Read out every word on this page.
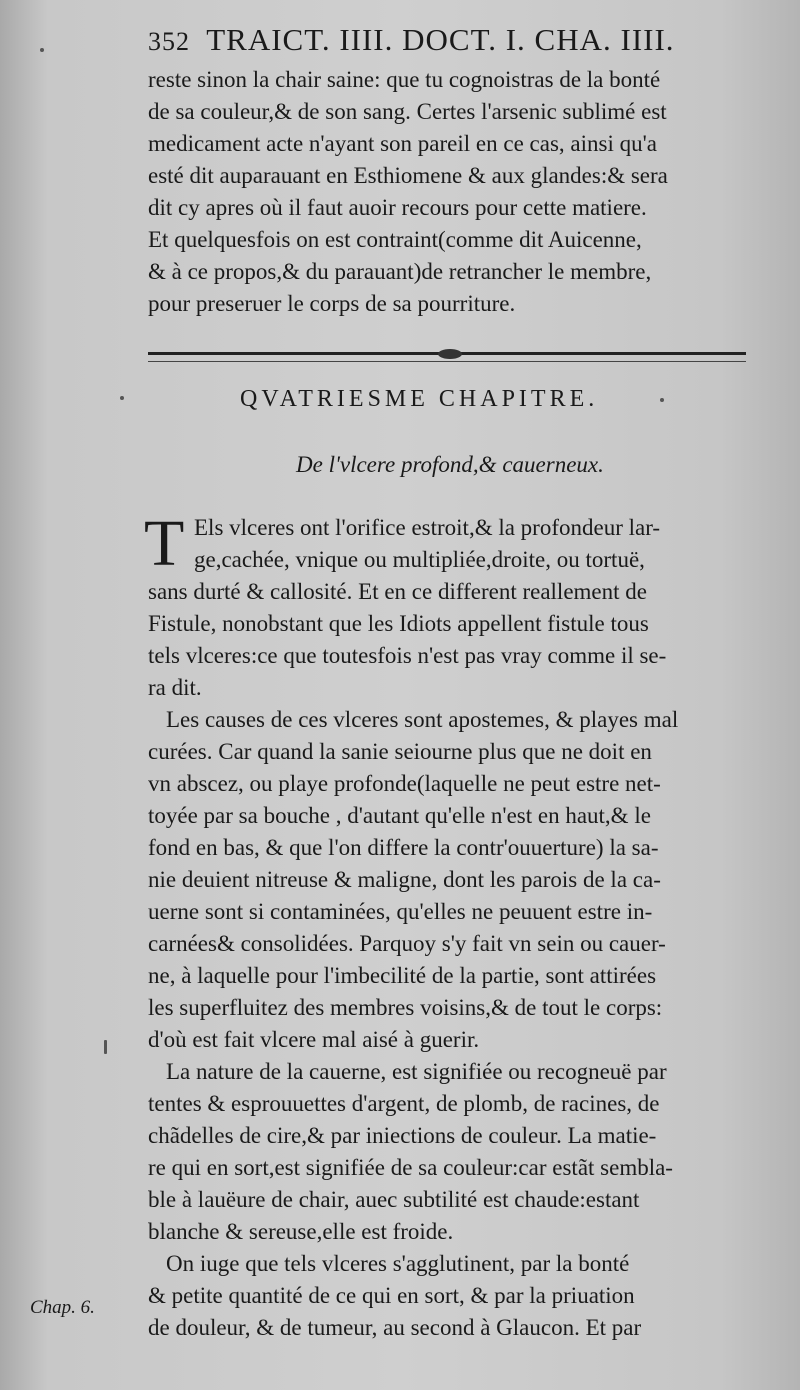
352 TRAICT. IIII. DOCT. I. CHA. IIII.
reste sinon la chair saine: que tu cognoistras de la bonté
de sa couleur,& de son sang. Certes l'arsenic sublimé est
medicament acte n'ayant son pareil en ce cas, ainsi qu'a
esté dit auparauant en Esthiomene & aux glandes:& sera
dit cy apres où il faut auoir recours pour cette matiere.
Et quelquesfois on est contraint(comme dit Auicenne,
& à ce propos,& du parauant)de retrancher le membre,
pour preseruer le corps de sa pourriture.
QVATRIESME CHAPITRE.
De l'vlcere profond,& cauerneux.
T Els vlceres ont l'orifice estroit,& la profondeur lar-
ge,cachée, vnique ou multipliée,droite, ou tortuë,
sans durté & callosité. Et en ce different reallement de
Fistule, nonobstant que les Idiots appellent fistule tous
tels vlceres:ce que toutesfois n'est pas vray comme il se-
ra dit.
Les causes de ces vlceres sont apostemes, & playes mal
curées. Car quand la sanie seiourne plus que ne doit en
vn abscez, ou playe profonde(laquelle ne peut estre net-
toyée par sa bouche , d'autant qu'elle n'est en haut,& le
fond en bas, & que l'on differe la contr'ouuerture) la sa-
nie deuient nitreuse & maligne, dont les parois de la ca-
uerne sont si contaminées, qu'elles ne peuuent estre in-
carnées& consolidées. Parquoy s'y fait vn sein ou cauer-
ne, à laquelle pour l'imbecilité de la partie, sont attirées
les superfluitez des membres voisins,& de tout le corps:
d'où est fait vlcere mal aisé à guerir.
La nature de la cauerne, est signifiée ou recogneuë par
tentes & esprouuettes d'argent, de plomb, de racines, de
chãdelles de cire,& par iniections de couleur. La matie-
re qui en sort,est signifiée de sa couleur:car estãt sembla-
ble à lauëure de chair, auec subtilité est chaude:estant
blanche & sereuse,elle est froide.
On iuge que tels vlceres s'agglutinent, par la bonté
& petite quantité de ce qui en sort, & par la priuation
de douleur, & de tumeur, au second à Glaucon. Et par
Chap. 6.
